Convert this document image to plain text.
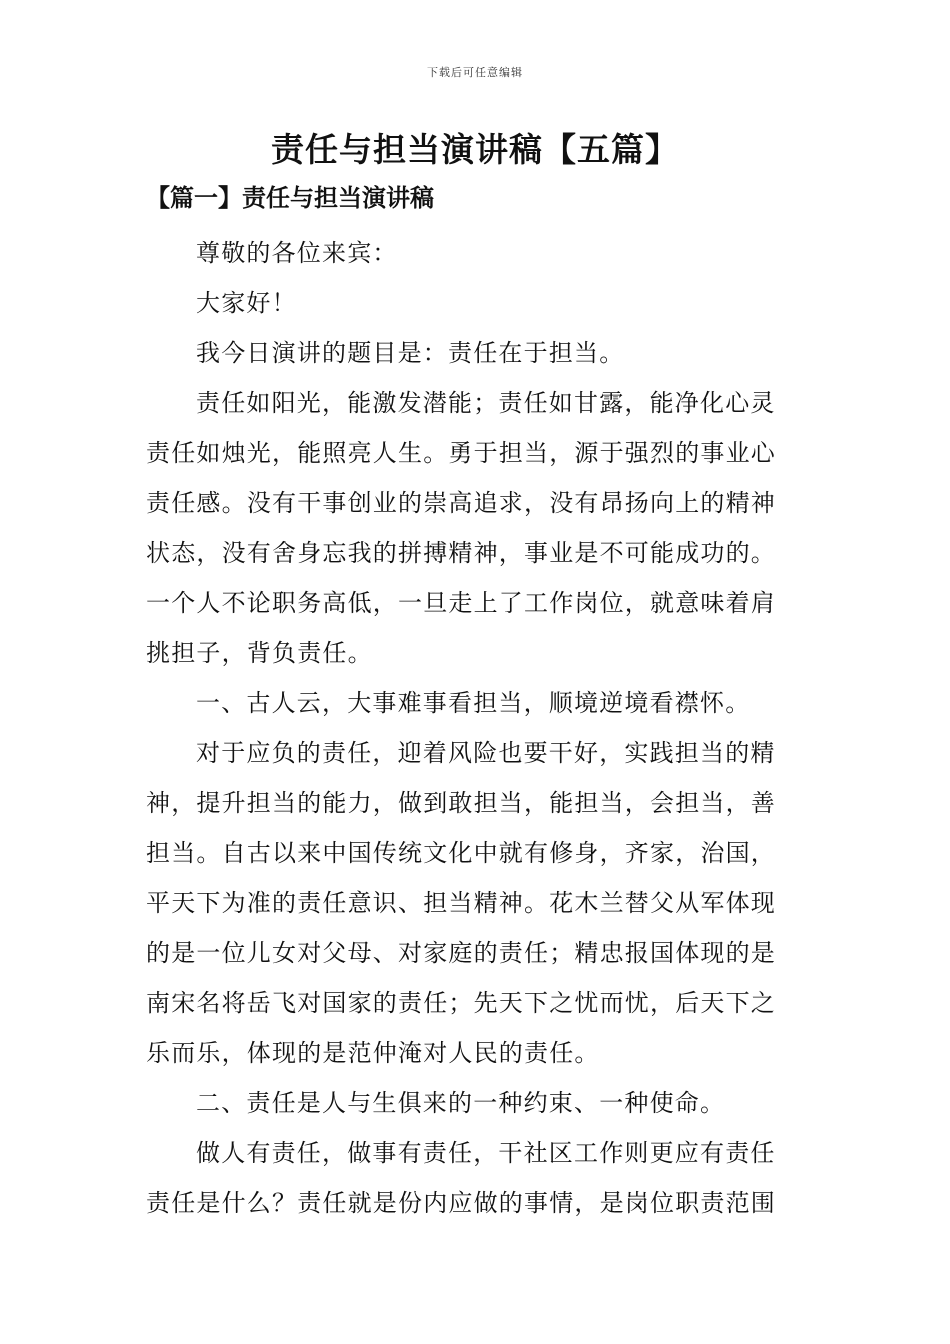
下载后可任意编辑
责任与担当演讲稿【五篇】
【篇一】责任与担当演讲稿
尊敬的各位来宾：
大家好！
我今日演讲的题目是：责任在于担当。
责任如阳光，能激发潜能；责任如甘露，能净化心灵
责任如烛光，能照亮人生。勇于担当，源于强烈的事业心
责任感。没有干事创业的崇高追求，没有昂扬向上的精神
状态，没有舍身忘我的拼搏精神，事业是不可能成功的。
一个人不论职务高低，一旦走上了工作岗位，就意味着肩
挑担子，背负责任。
一、古人云，大事难事看担当，顺境逆境看襟怀。
对于应负的责任，迎着风险也要干好，实践担当的精
神，提升担当的能力，做到敢担当，能担当，会担当，善
担当。自古以来中国传统文化中就有修身，齐家，治国，
平天下为准的责任意识、担当精神。花木兰替父从军体现
的是一位儿女对父母、对家庭的责任；精忠报国体现的是
南宋名将岳飞对国家的责任；先天下之忧而忧，后天下之
乐而乐，体现的是范仲淹对人民的责任。
二、责任是人与生俱来的一种约束、一种使命。
做人有责任，做事有责任，干社区工作则更应有责任
责任是什么？责任就是份内应做的事情，是岗位职责范围
